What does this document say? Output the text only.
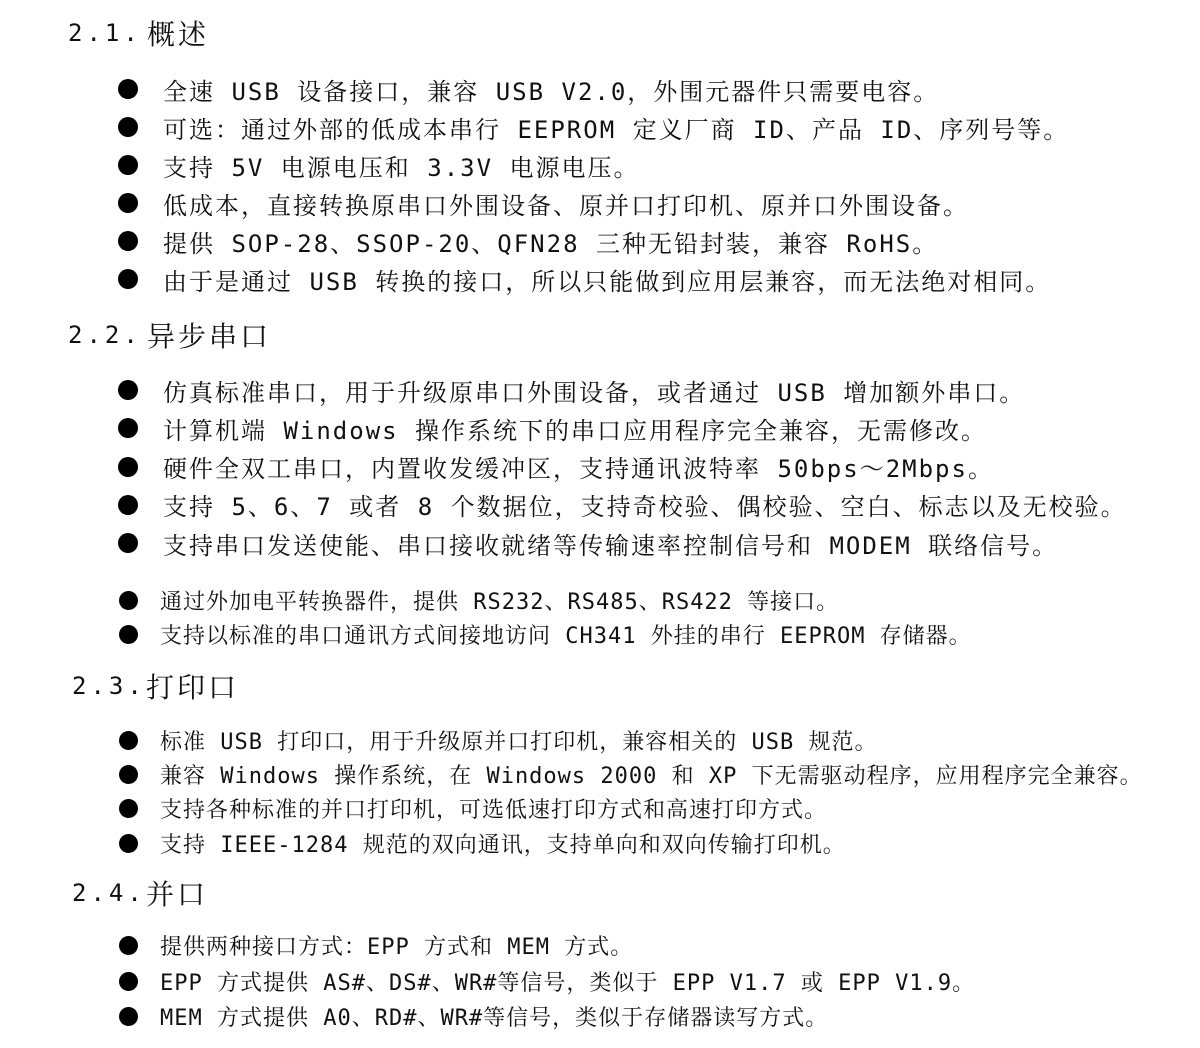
2.1. 概述
全速 USB 设备接口，兼容 USB V2.0，外围元器件只需要电容。
可选：通过外部的低成本串行 EEPROM 定义厂商 ID、产品 ID、序列号等。
支持 5V 电源电压和 3.3V 电源电压。
低成本，直接转换原串口外围设备、原并口打印机、原并口外围设备。
提供 SOP-28、SSOP-20、QFN28 三种无铅封装，兼容 RoHS。
由于是通过 USB 转换的接口，所以只能做到应用层兼容，而无法绝对相同。
2.2. 异步串口
仿真标准串口，用于升级原串口外围设备，或者通过 USB 增加额外串口。
计算机端 Windows 操作系统下的串口应用程序完全兼容，无需修改。
硬件全双工串口，内置收发缓冲区，支持通讯波特率 50bps～2Mbps。
支持 5、6、7 或者 8 个数据位，支持奇校验、偶校验、空白、标志以及无校验。
支持串口发送使能、串口接收就绪等传输速率控制信号和 MODEM 联络信号。
通过外加电平转换器件，提供 RS232、RS485、RS422 等接口。
支持以标准的串口通讯方式间接地访问 CH341 外挂的串行 EEPROM 存储器。
2.3. 打印口
标准 USB 打印口，用于升级原并口打印机，兼容相关的 USB 规范。
兼容 Windows 操作系统，在 Windows 2000 和 XP 下无需驱动程序，应用程序完全兼容。
支持各种标准的并口打印机，可选低速打印方式和高速打印方式。
支持 IEEE-1284 规范的双向通讯，支持单向和双向传输打印机。
2.4. 并口
提供两种接口方式：EPP 方式和 MEM 方式。
EPP 方式提供 AS#、DS#、WR#等信号，类似于 EPP V1.7 或 EPP V1.9。
MEM 方式提供 A0、RD#、WR#等信号，类似于存储器读写方式。
